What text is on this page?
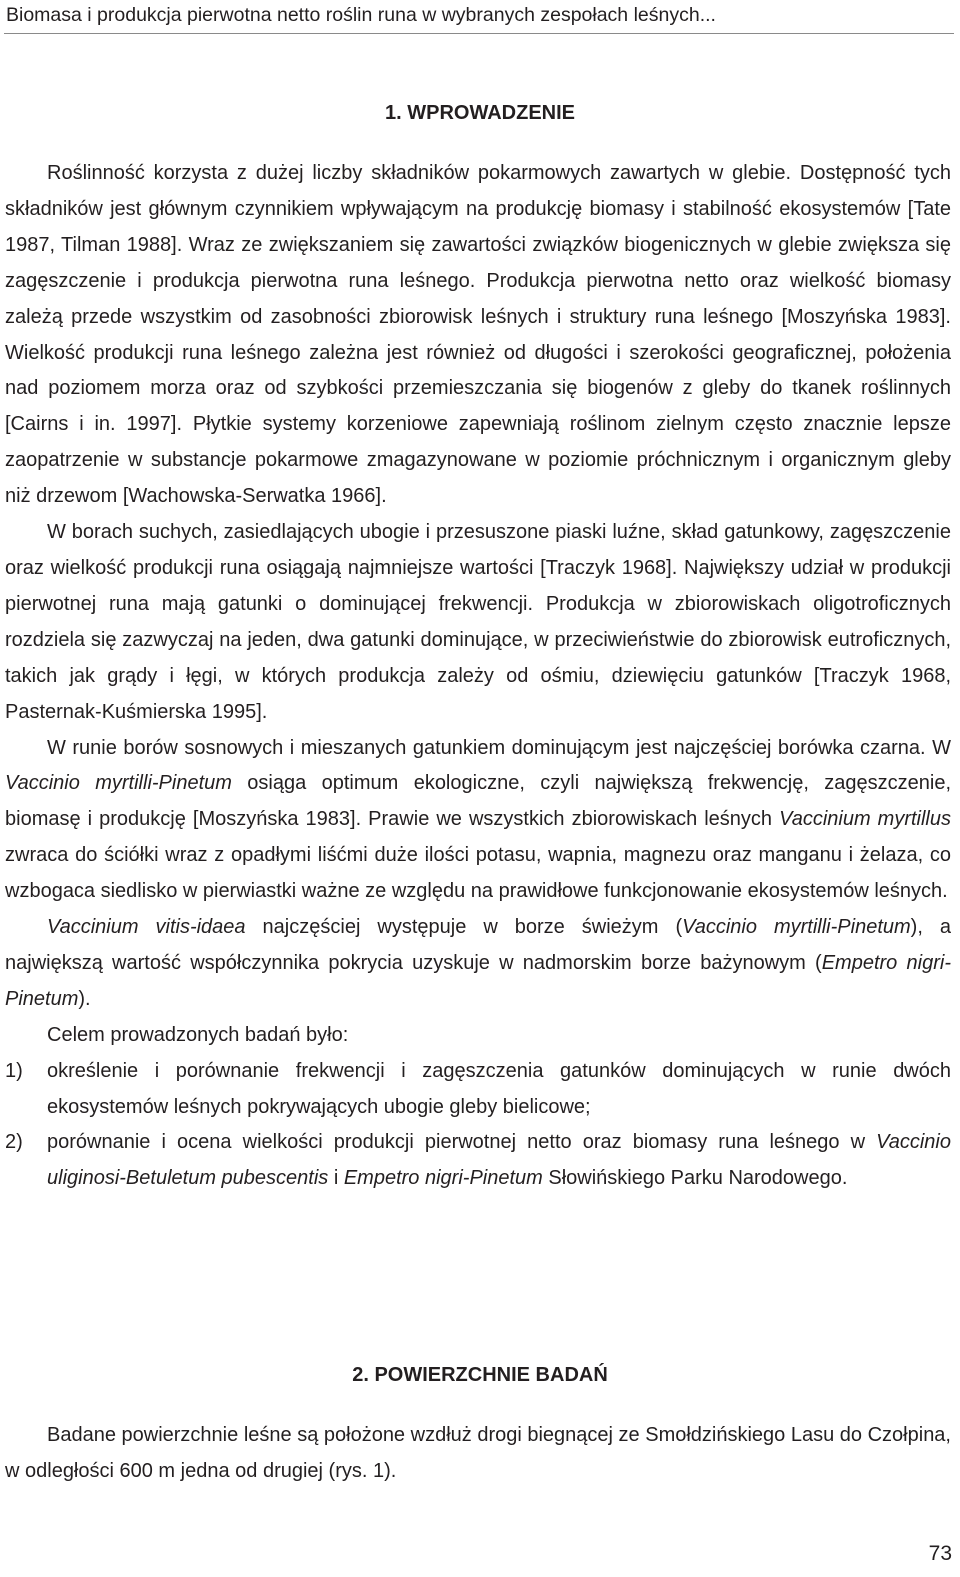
Biomasa i produkcja pierwotna netto roślin runa w wybranych zespołach leśnych...
1. WPROWADZENIE

Roślinność korzysta z dużej liczby składników pokarmowych zawartych w glebie. Dostępność tych składników jest głównym czynnikiem wpływającym na produkcję biomasy i stabilność ekosystemów [Tate 1987, Tilman 1988]. Wraz ze zwiększaniem się zawartości związków biogenicznych w glebie zwiększa się zagęszczenie i produkcja pierwotna runa leśnego. Produkcja pierwotna netto oraz wielkość biomasy zależą przede wszystkim od zasobności zbiorowisk leśnych i struktury runa leśnego [Moszyńska 1983]. Wielkość produkcji runa leśnego zależna jest również od długości i szerokości geograficznej, położenia nad poziomem morza oraz od szybkości przemieszczania się biogenów z gleby do tkanek roślinnych [Cairns i in. 1997]. Płytkie systemy korzeniowe zapewniają roślinom zielnym często znacznie lepsze zaopatrzenie w substancje pokarmowe zmagazynowane w poziomie próchnicznym i organicznym gleby niż drzewom [Wachowska-Serwatka 1966].

W borach suchych, zasiedlających ubogie i przesuszone piaski luźne, skład gatunkowy, zagęszczenie oraz wielkość produkcji runa osiągają najmniejsze wartości [Traczyk 1968]. Największy udział w produkcji pierwotnej runa mają gatunki o dominującej frekwencji. Produkcja w zbiorowiskach oligotroficznych rozdziela się zazwyczaj na jeden, dwa gatunki dominujące, w przeciwieństwie do zbiorowisk eutroficznych, takich jak grądy i łęgi, w których produkcja zależy od ośmiu, dziewięciu gatunków [Traczyk 1968, Pasternak-Kuśmierska 1995].

W runie borów sosnowych i mieszanych gatunkiem dominującym jest najczęściej borówka czarna. W Vaccinio myrtilli-Pinetum osiąga optimum ekologiczne, czyli największą frekwencję, zagęszczenie, biomasę i produkcję [Moszyńska 1983]. Prawie we wszystkich zbiorowiskach leśnych Vaccinium myrtillus zwraca do ściółki wraz z opadłymi liśćmi duże ilości potasu, wapnia, magnezu oraz manganu i żelaza, co wzbogaca siedlisko w pierwiastki ważne ze względu na prawidłowe funkcjonowanie ekosystemów leśnych.

Vaccinium vitis-idaea najczęściej występuje w borze świeżym (Vaccinio myrtilli-Pinetum), a największą wartość współczynnika pokrycia uzyskuje w nadmorskim borze bażynowym (Empetro nigri-Pinetum).

Celem prowadzonych badań było:

1) określenie i porównanie frekwencji i zagęszczenia gatunków dominujących w runie dwóch ekosystemów leśnych pokrywających ubogie gleby bielicowe;
2) porównanie i ocena wielkości produkcji pierwotnej netto oraz biomasy runa leśnego w Vaccinio uliginosi-Betuletum pubescentis i Empetro nigri-Pinetum Słowińskiego Parku Narodowego.
2. POWIERZCHNIE BADAŃ

Badane powierzchnie leśne są położone wzdłuż drogi biegnącej ze Smołdzińskiego Lasu do Czołpina, w odległości 600 m jedna od drugiej (rys. 1).

73
